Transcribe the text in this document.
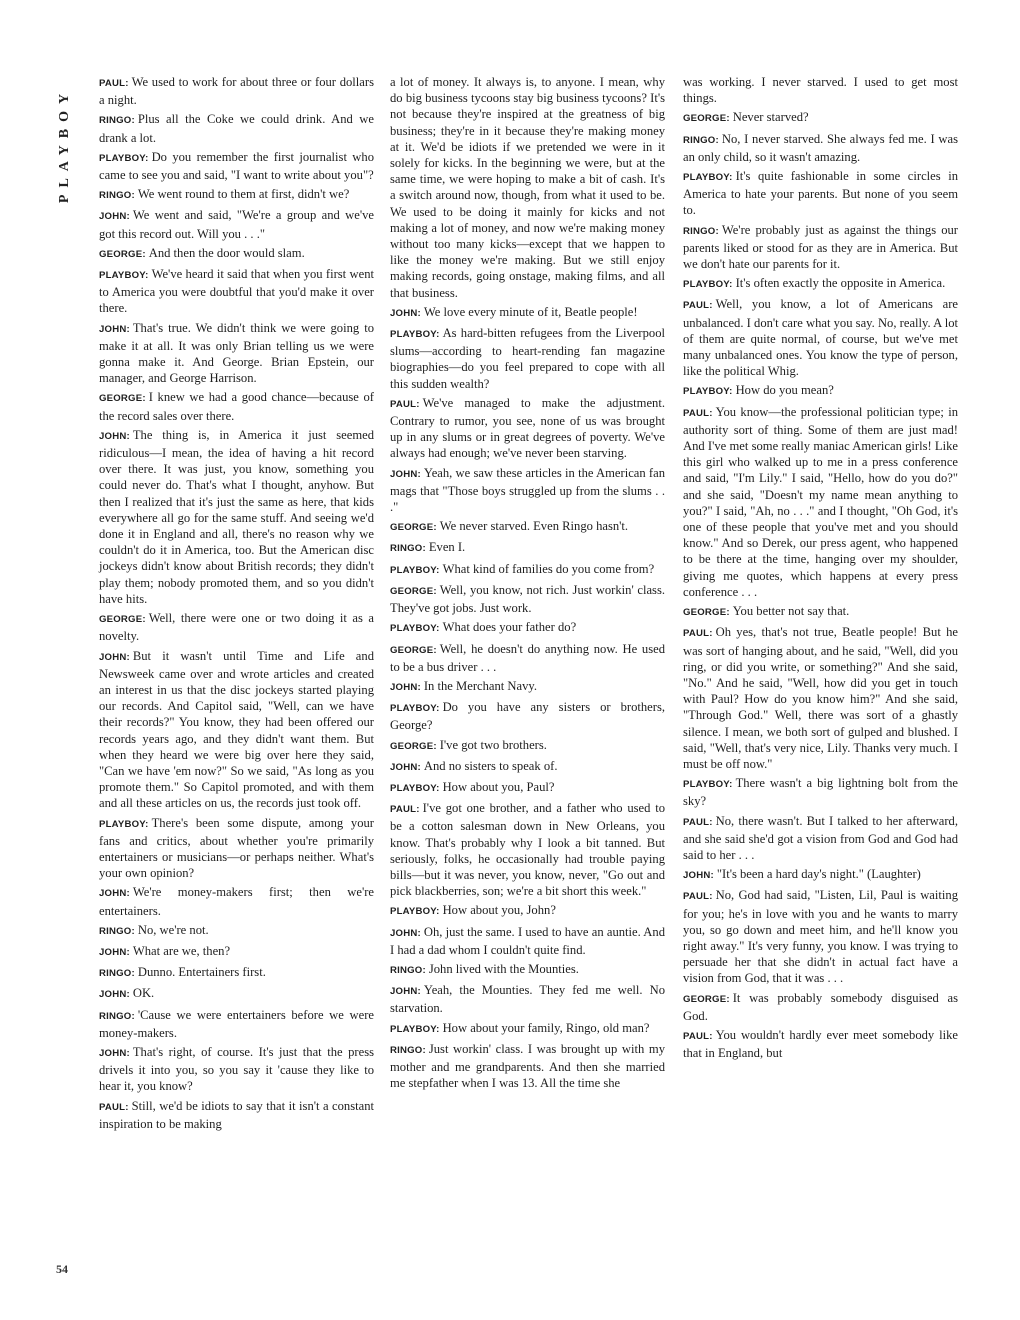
PLAYBOY

PAUL: We used to work for about three or four dollars a night.

RINGO: Plus all the Coke we could drink. And we drank a lot.

PLAYBOY: Do you remember the first journalist who came to see you and said, "I want to write about you"?

RINGO: We went round to them at first, didn't we?

JOHN: We went and said, "We're a group and we've got this record out. Will you . . ."

GEORGE: And then the door would slam.

PLAYBOY: We've heard it said that when you first went to America you were doubtful that you'd make it over there.

JOHN: That's true. We didn't think we were going to make it at all. It was only Brian telling us we were gonna make it. And George. Brian Epstein, our manager, and George Harrison.

GEORGE: I knew we had a good chance—because of the record sales over there.

JOHN: The thing is, in America it just seemed ridiculous—I mean, the idea of having a hit record over there. It was just, you know, something you could never do. That's what I thought, anyhow. But then I realized that it's just the same as here, that kids everywhere all go for the same stuff. And seeing we'd done it in England and all, there's no reason why we couldn't do it in America, too. But the American disc jockeys didn't know about British records; they didn't play them; nobody promoted them, and so you didn't have hits.

GEORGE: Well, there were one or two doing it as a novelty.

JOHN: But it wasn't until Time and Life and Newsweek came over and wrote articles and created an interest in us that the disc jockeys started playing our records. And Capitol said, "Well, can we have their records?" You know, they had been offered our records years ago, and they didn't want them. But when they heard we were big over here they said, "Can we have 'em now?" So we said, "As long as you promote them." So Capitol promoted, and with them and all these articles on us, the records just took off.

PLAYBOY: There's been some dispute, among your fans and critics, about whether you're primarily entertainers or musicians—or perhaps neither. What's your own opinion?

JOHN: We're money-makers first; then we're entertainers.

RINGO: No, we're not.

JOHN: What are we, then?

RINGO: Dunno. Entertainers first.

JOHN: OK.

RINGO: 'Cause we were entertainers before we were money-makers.

JOHN: That's right, of course. It's just that the press drivels it into you, so you say it 'cause they like to hear it, you know?

PAUL: Still, we'd be idiots to say that it isn't a constant inspiration to be making

a lot of money. It always is, to anyone. I mean, why do big business tycoons stay big business tycoons? It's not because they're inspired at the greatness of big business; they're in it because they're making money at it. We'd be idiots if we pretended we were in it solely for kicks. In the beginning we were, but at the same time, we were hoping to make a bit of cash. It's a switch around now, though, from what it used to be. We used to be doing it mainly for kicks and not making a lot of money, and now we're making money without too many kicks—except that we happen to like the money we're making. But we still enjoy making records, going onstage, making films, and all that business.

JOHN: We love every minute of it, Beatle people!

PLAYBOY: As hard-bitten refugees from the Liverpool slums—according to heart-rending fan magazine biographies—do you feel prepared to cope with all this sudden wealth?

PAUL: We've managed to make the adjustment. Contrary to rumor, you see, none of us was brought up in any slums or in great degrees of poverty. We've always had enough; we've never been starving.

JOHN: Yeah, we saw these articles in the American fan mags that "Those boys struggled up from the slums . . ."

GEORGE: We never starved. Even Ringo hasn't.

RINGO: Even I.

PLAYBOY: What kind of families do you come from?

GEORGE: Well, you know, not rich. Just workin' class. They've got jobs. Just work.

PLAYBOY: What does your father do?

GEORGE: Well, he doesn't do anything now. He used to be a bus driver . . .

JOHN: In the Merchant Navy.

PLAYBOY: Do you have any sisters or brothers, George?

GEORGE: I've got two brothers.

JOHN: And no sisters to speak of.

PLAYBOY: How about you, Paul?

PAUL: I've got one brother, and a father who used to be a cotton salesman down in New Orleans, you know. That's probably why I look a bit tanned. But seriously, folks, he occasionally had trouble paying bills—but it was never, you know, never, "Go out and pick blackberries, son; we're a bit short this week."

PLAYBOY: How about you, John?

JOHN: Oh, just the same. I used to have an auntie. And I had a dad whom I couldn't quite find.

RINGO: John lived with the Mounties.

JOHN: Yeah, the Mounties. They fed me well. No starvation.

PLAYBOY: How about your family, Ringo, old man?

RINGO: Just workin' class. I was brought up with my mother and me grandparents. And then she married me stepfather when I was 13. All the time she

was working. I never starved. I used to get most things.

GEORGE: Never starved?

RINGO: No, I never starved. She always fed me. I was an only child, so it wasn't amazing.

PLAYBOY: It's quite fashionable in some circles in America to hate your parents. But none of you seem to.

RINGO: We're probably just as against the things our parents liked or stood for as they are in America. But we don't hate our parents for it.

PLAYBOY: It's often exactly the opposite in America.

PAUL: Well, you know, a lot of Americans are unbalanced. I don't care what you say. No, really. A lot of them are quite normal, of course, but we've met many unbalanced ones. You know the type of person, like the political Whig.

PLAYBOY: How do you mean?

PAUL: You know—the professional politician type; in authority sort of thing. Some of them are just mad! And I've met some really maniac American girls! Like this girl who walked up to me in a press conference and said, "I'm Lily." I said, "Hello, how do you do?" and she said, "Doesn't my name mean anything to you?" I said, "Ah, no . . ." and I thought, "Oh God, it's one of these people that you've met and you should know." And so Derek, our press agent, who happened to be there at the time, hanging over my shoulder, giving me quotes, which happens at every press conference . . .

GEORGE: You better not say that.

PAUL: Oh yes, that's not true, Beatle people! But he was sort of hanging about, and he said, "Well, did you ring, or did you write, or something?" And she said, "No." And he said, "Well, how did you get in touch with Paul? How do you know him?" And she said, "Through God." Well, there was sort of a ghastly silence. I mean, we both sort of gulped and blushed. I said, "Well, that's very nice, Lily. Thanks very much. I must be off now."

PLAYBOY: There wasn't a big lightning bolt from the sky?

PAUL: No, there wasn't. But I talked to her afterward, and she said she'd got a vision from God and God had said to her . . .

JOHN: "It's been a hard day's night." (Laughter)

PAUL: No, God had said, "Listen, Lil, Paul is waiting for you; he's in love with you and he wants to marry you, so go down and meet him, and he'll know you right away." It's very funny, you know. I was trying to persuade her that she didn't in actual fact have a vision from God, that it was . . .

GEORGE: It was probably somebody disguised as God.

PAUL: You wouldn't hardly ever meet somebody like that in England, but

54
